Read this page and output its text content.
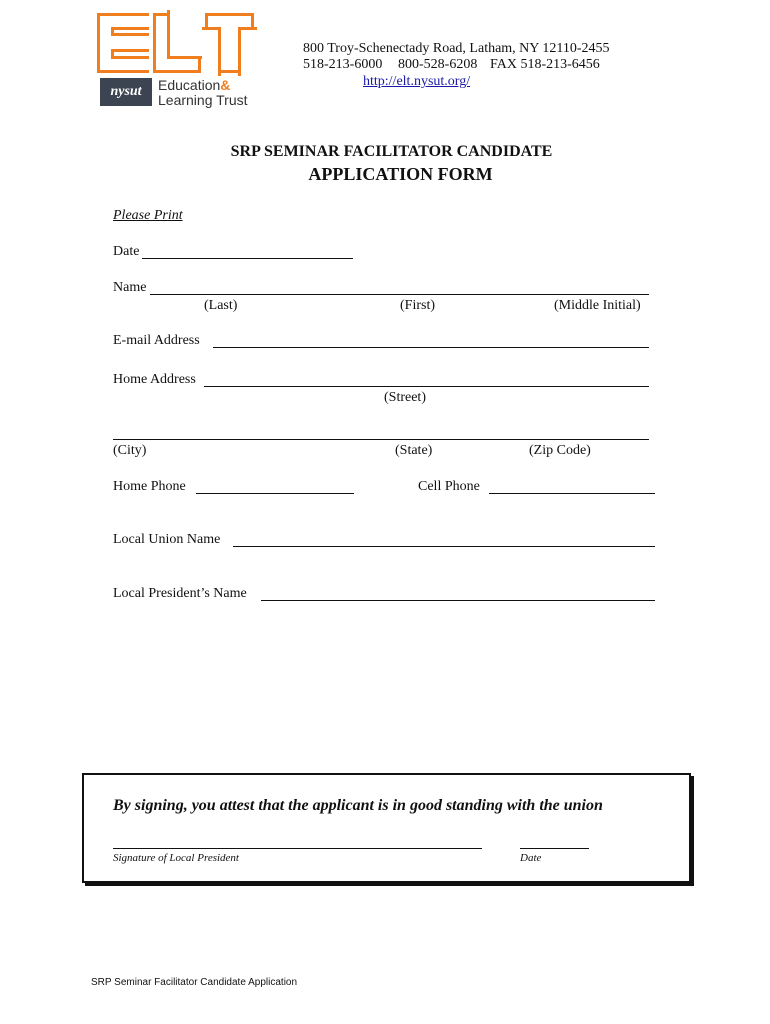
nysut	Education&
Learning Trust
800 Troy-Schenectady Road, Latham, NY 12110-2455
518-213-6000 800-528-6208 FAX 518-213-6456
http://elt.nysut.org/
SRP SEMINAR FACILITATOR CANDIDATE
APPLICATION FORM
Please Print
Date
Name
(Last)	(First)	(Middle Initial)
E-mail Address
Home Address
(Street)
(City)	(State)	(Zip Code)
Home Phone	Cell Phone
Local Union Name
Local President’s Name
By signing, you attest that the applicant is in good standing with the union
Signature of Local President	Date
SRP Seminar Facilitator Candidate Application
